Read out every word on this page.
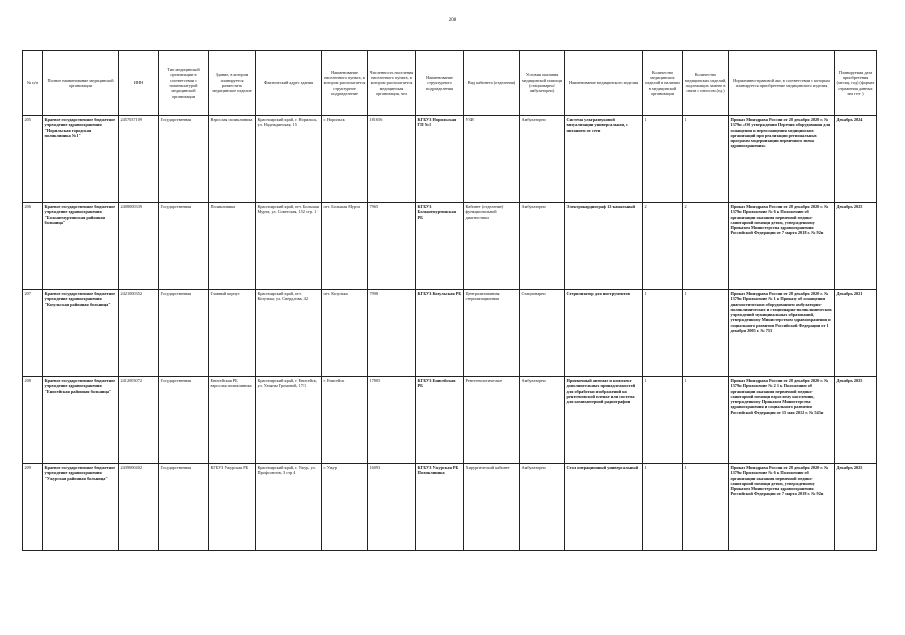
208
№ п/п	Полное наименование медицинской организации	ИНН	Тип медицинской организации в соответствии с номенклатурой медицинской организации	Здание, в котором планируется разместить медицинское изделие	Фактический адрес здания	Наименование населенного пункта, в котором располагается структурное подразделение	Численность населения населенного пункта, в котором располагается медицинская организация, чел	Наименование структурного подразделения	Вид кабинета (отделения)	Условия оказания медицинской помощи (стационарно/ амбулаторно)	Наименование медицинского изделия	Количество медицинских изделий в наличии в медицинской организации	Количество медицинских изделий, подлежащих замене в связи с износом (ед.)	Нормативно-правовой акт, в соответствии с которым планируется приобретение медицинского изделия	Планируемая дата приобретения (месяц, год) (формат отражения данных мм гггг )
205	Краевое государственное бюджетное учреждение здравоохранения "Норильская городская поликлиника №1"	2457037109	Государственная	Взрослая поликлиника	Красноярский край, г. Норильск, ул. Надеждинская, 15	г. Норильск	181656	КГБУЗ Норильская ГП №1	УЗИ	Амбулаторно	Система ультразвуковой визуализации универсальная, с питанием от сети	1	1	Приказ Минздрава России от 28 декабря 2020 г. № 1379н «Об утверждении Перечня оборудования для оснащения и переоснащения медицинских организаций при реализации региональных программ модернизации первичного звена здравоохранения»	Декабрь 2024
206	Краевое государственное бюджетное учреждение здравоохранения "Большемуртинская районная больница"	2408000339	Государственная	Поликлиника	Красноярский край, пгт. Большая Мурта, ул. Советская, 152 стр. 1	пгт. Большая Мурта	7965	КГБУЗ Большемуртинская РБ	Кабинет (отделение) функциональной диагностики	Амбулаторно	Электрокардиограф 12-канальный	2	2	Приказ Минздрава России от 28 декабря 2020 г. № 1379н Приложение № 6 к Положению об организации оказания первичной медико-санитарной помощи детям, утвержденному Приказом Министерства здравоохранения Российской Федерации от 7 марта 2018 г. № 92н	Декабрь 2025
207	Краевое государственное бюджетное учреждение здравоохранения "Козульская районная больница"	2421000352	Государственная	Главный корпус	Красноярский край, пгт. Козулька, ул. Свердлова, 42	пгт. Козулька	7998	КГБУЗ Козульская РБ	Централизованная стерилизационная	Стационарно	Стерилизатор для инструментов	1	1	Приказ Минздрава России от 28 декабря 2020 г. № 1379н Приложение № 1 к Приказу об оснащении диагностическим оборудованием амбулаторно-поликлинических и стационарно-поликлинических учреждений муниципальных образований, утвержденному Министерством здравоохранения и социального развития Российской Федерации от 1 декабря 2005 г. № 753	Декабрь 2021
208	Краевое государственное бюджетное учреждение здравоохранения "Енисейская районная больница"	2412003072	Государственная	Енисейская РБ взрослая поликлиника	Красноярский край, г. Енисейск, ул. Ульяны Громовой, 17/1	г. Енисейск	17805	КГБУЗ Енисейская РБ	Рентгенологическое	Амбулаторно	Проявочный автомат и комплект дополнительных принадлежностей для обработки изображений на рентгеновской пленке или система для компьютерной радиографии	1	1	Приказ Минздрава России от 28 декабря 2020 г. № 1379н Приложение № 2 1 к Положению об организации оказания первичной медико-санитарной помощи взрослому населению, утвержденному Приказом Министерства здравоохранения и социального развития Российской Федерации от 15 мая 2012 г. № 543н	Декабрь 2025
209	Краевое государственное бюджетное учреждение здравоохранения "Ужурская районная больница"	2439000402	Государственная	КГБУЗ Ужурская РБ	Красноярский край, г. Ужур, ул. Профсоюзов, 3 стр 4	г. Ужур	16093	КГБУЗ Ужурская РБ Поликлиника	Хирургический кабинет	Амбулаторно	Стол операционный универсальный	1	1	Приказ Минздрава России от 28 декабря 2020 г. № 1379н Приложение № 6 к Положению об организации оказания первичной медико-санитарной помощи детям, утвержденному Приказом Министерства здравоохранения Российской Федерации от 7 марта 2018 г. № 92н	Декабрь 2025
